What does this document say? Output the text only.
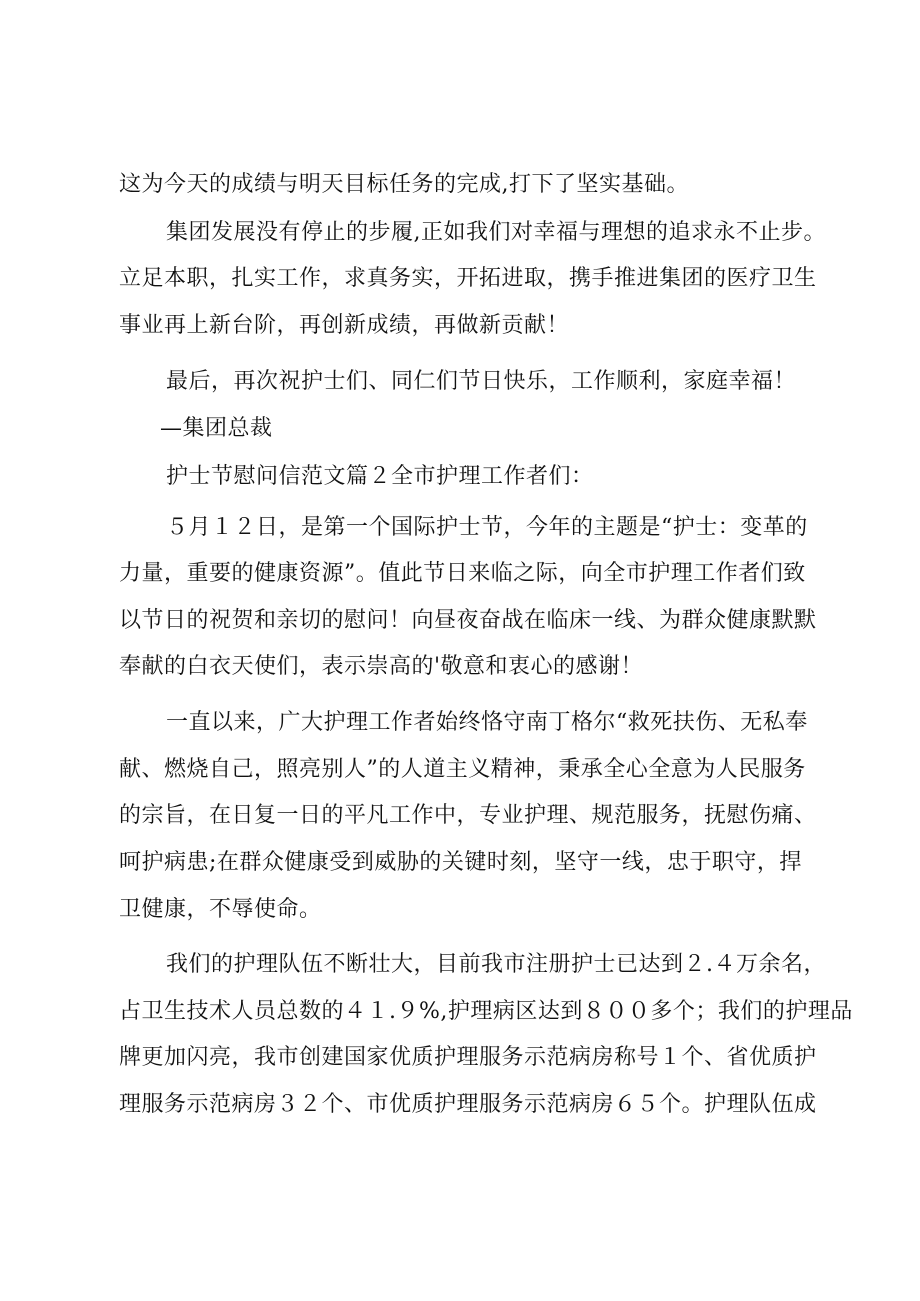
这为今天的成绩与明天目标任务的完成,打下了坚实基础。
集团发展没有停止的步履,正如我们对幸福与理想的追求永不止步。
立足本职，扎实工作，求真务实，开拓进取，携手推进集团的医疗卫生
事业再上新台阶，再创新成绩，再做新贡献！
最后，再次祝护士们、同仁们节日快乐，工作顺利，家庭幸福！
—集团总裁
护士节慰问信范文篇２全市护理工作者们：
５月１２日，是第一个国际护士节，今年的主题是“护士：变革的
力量，重要的健康资源”。值此节日来临之际，向全市护理工作者们致
以节日的祝贺和亲切的慰问！向昼夜奋战在临床一线、为群众健康默默
奉献的白衣天使们，表示崇高的'敬意和衷心的感谢！
一直以来，广大护理工作者始终恪守南丁格尔“救死扶伤、无私奉
献、燃烧自己，照亮别人”的人道主义精神，秉承全心全意为人民服务
的宗旨，在日复一日的平凡工作中，专业护理、规范服务，抚慰伤痛、
呵护病患;在群众健康受到威胁的关键时刻，坚守一线，忠于职守，捍
卫健康，不辱使命。
我们的护理队伍不断壮大，目前我市注册护士已达到２.４万余名，
占卫生技术人员总数的４１.９%,护理病区达到８００多个；我们的护理品
牌更加闪亮，我市创建国家优质护理服务示范病房称号１个、省优质护
理服务示范病房３２个、市优质护理服务示范病房６５个。护理队伍成
